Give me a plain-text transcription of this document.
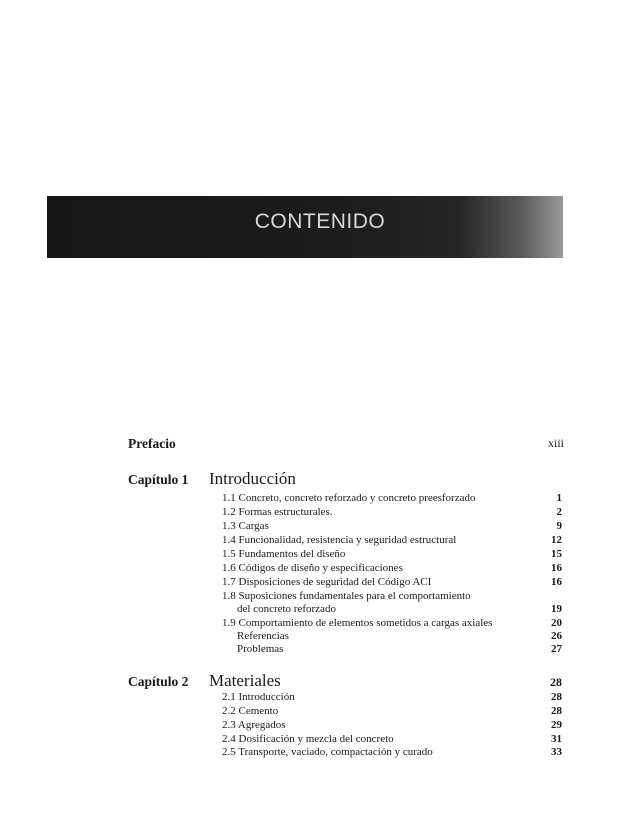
CONTENIDO
Prefacio	xiii
Capítulo 1 Introducción
1.1 Concreto, concreto reforzado y concreto preesforzado	1
1.2 Formas estructurales.	2
1.3 Cargas	9
1.4 Funcionalidad, resistencia y seguridad estructural	12
1.5 Fundamentos del diseño	15
1.6 Códigos de diseño y especificaciones	16
1.7 Disposiciones de seguridad del Código ACI	16
1.8 Suposiciones fundamentales para el comportamiento
del concreto reforzado	19
1.9 Comportamiento de elementos sometidos a cargas axiales	20
Referencias	26
Problemas	27
Capítulo 2 Materiales	28
2.1 Introducción	28
2.2 Cemento	28
2.3 Agregados	29
2.4 Dosificación y mezcla del concreto	31
2.5 Transporte, vaciado, compactación y curado	33
